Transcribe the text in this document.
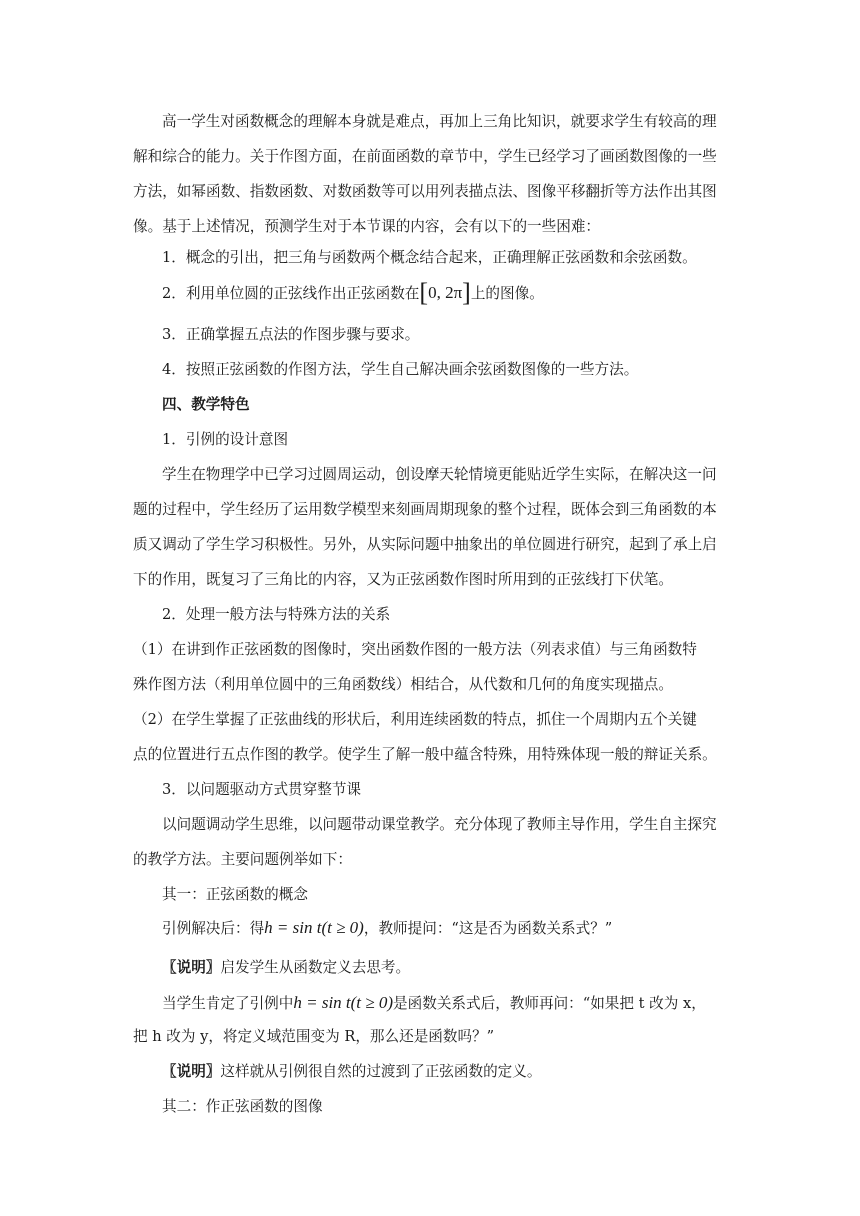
高一学生对函数概念的理解本身就是难点，再加上三角比知识，就要求学生有较高的理
解和综合的能力。关于作图方面，在前面函数的章节中，学生已经学习了画函数图像的一些
方法，如幂函数、指数函数、对数函数等可以用列表描点法、图像平移翻折等方法作出其图
像。基于上述情况，预测学生对于本节课的内容，会有以下的一些困难：
1．概念的引出，把三角与函数两个概念结合起来，正确理解正弦函数和余弦函数。
2．利用单位圆的正弦线作出正弦函数在[0, 2π]上的图像。
3．正确掌握五点法的作图步骤与要求。
4．按照正弦函数的作图方法，学生自己解决画余弦函数图像的一些方法。
四、教学特色
1．引例的设计意图
学生在物理学中已学习过圆周运动，创设摩天轮情境更能贴近学生实际，在解决这一问
题的过程中，学生经历了运用数学模型来刻画周期现象的整个过程，既体会到三角函数的本
质又调动了学生学习积极性。另外，从实际问题中抽象出的单位圆进行研究，起到了承上启
下的作用，既复习了三角比的内容，又为正弦函数作图时所用到的正弦线打下伏笔。
2．处理一般方法与特殊方法的关系
（1）在讲到作正弦函数的图像时，突出函数作图的一般方法（列表求值）与三角函数特
殊作图方法（利用单位圆中的三角函数线）相结合，从代数和几何的角度实现描点。
（2）在学生掌握了正弦曲线的形状后，利用连续函数的特点，抓住一个周期内五个关键
点的位置进行五点作图的教学。使学生了解一般中蕴含特殊，用特殊体现一般的辩证关系。
3．以问题驱动方式贯穿整节课
以问题调动学生思维，以问题带动课堂教学。充分体现了教师主导作用，学生自主探究
的教学方法。主要问题例举如下：
其一：正弦函数的概念
引例解决后：得h = sin t(t ≥ 0)，教师提问：“这是否为函数关系式？”
〖说明〗启发学生从函数定义去思考。
当学生肯定了引例中h = sin t(t ≥ 0)是函数关系式后，教师再问：“如果把 t 改为 x，
把 h 改为 y，将定义域范围变为 R，那么还是函数吗？”
〖说明〗这样就从引例很自然的过渡到了正弦函数的定义。
其二：作正弦函数的图像
